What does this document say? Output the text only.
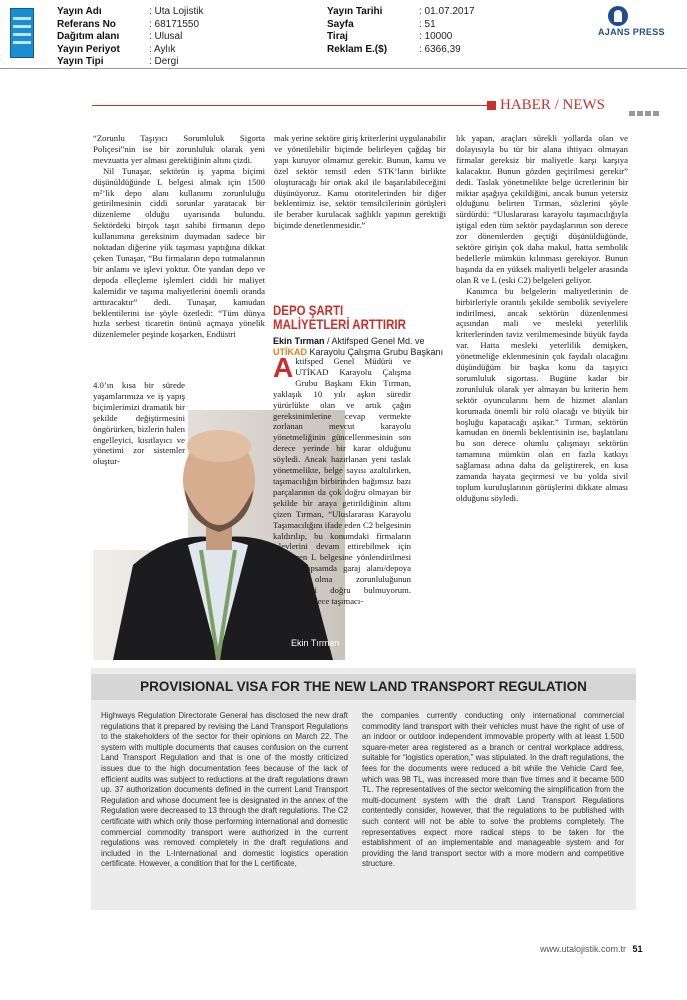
Yayın Adı	: Uta Lojistik
Referans No	: 68171550
Dağıtım alanı	: Ulusal
Yayın Periyot	: Aylık
Yayın Tipi	: Dergi
Yayın Tarihi	: 01.07.2017
Sayfa	: 51
Tiraj	: 10000
Reklam E.($)	: 6366,39
AJANS PRESS
HABER / NEWS

“Zorunlu Taşıyıcı Sorumluluk Sigorta Poliçesi”nin ise bir zorunluluk olarak yeni mevzuatta yer alması gerektiğinin altını çizdi.

Nil Tunaşar, sektörün iş yapma biçimi düşünüldüğünde L belgesi almak için 1500 m²’lik depo alanı kullanımı zorunluluğu getirilmesinin ciddi sorunlar yaratacak bir düzenleme olduğu uyarısında bulundu. Sektördeki birçok taşıt sahibi firmanın depo kullanımına gereksinim duymadan sadece bir noktadan diğerine yük taşıması yaptığına dikkat çeken Tunaşar, “Bu firmaların depo tutmalarının bir anlamı ve işlevi yoktur. Öte yandan depo ve depoda elleçleme işlemleri ciddi bir maliyet kalemidir ve taşıma maliyetlerini önemli oranda arttıracaktır” dedi. Tunaşar, kamudan beklentilerini ise şöyle özetledi: “Tüm dünya hızla serbest ticaretin önünü açmaya yönelik düzenlemeler peşinde koşarken, Endüstri

Ekin Tırman
4.0’ın kısa bir sürede yaşamlarımıza ve iş yapış biçimlerimizi dramatik bir şekilde değiştirmesini öngörürken, bizlerin halen engelleyici, kısıtlayıcı ve yönetimi zor sistemler oluştur-
mak yerine sektöre giriş kriterlerini uygulanabilir ve yönetilebilir biçimde belirleyen çağdaş bir yapı kuruyor olmamız gerekir. Bunun, kamu ve özel sektör temsil eden STK’ların birlikte oluşturacağı bir ortak akıl ile başarılabileceğini düşünüyoruz. Kamu otoritelerinden bir diğer beklentimiz ise, sektör temsilcilerinin görüşleri ile beraber kurulacak sağlıklı yapının gerektiği biçimde denetlenmesidir.”
DEPO ŞARTI
MALİYETLERİ ARTTIRIR
Ekin Tırman / Aktifsped Genel Md. ve UTİKAD Karayolu Çalışma Grubu Başkanı
Aktifsped Genel Müdürü ve UTİKAD Karayolu Çalışma Grubu Başkanı Ekin Tırman, yaklaşık 10 yılı aşkın süredir yürürlükte olan ve artık çağın gereksinimlerine cevap vermekte zorlanan mevcut karayolu yönetmeliğinin güncellenmesinin son derece yerinde bir karar olduğunu söyledi. Ancak hazırlanan yeni taslak yönetmelikte, belge sayısı azaltılırken, taşımacılığın birbirinden bağımsız bazı parçalarının da çok doğru olmayan bir şekilde bir araya getirildiğinin altını çizen Tırman, “Uluslararası Karayolu Taşımacılığını ifade eden C2 belgesinin kaldırılıp, bu konumdaki firmaların işlevlerini devam ettirebilmek için mecburen L belgesine yönlendirilmesi ve bu kapsamda garaj alanı/depoya sahip olma zorunluluğunun getirilmesini doğru bulmuyorum. Sektörde sadece taşımacı-

lık yapan, araçları sürekli yollarda olan ve dolayısıyla bu tür bir alana ihtiyacı olmayan firmalar gereksiz bir maliyetle karşı karşıya kalacaktır. Bunun gözden geçirilmesi gerekir” dedi. Taslak yönetmelikte belge ücretlerinin bir miktar aşağıya çekildiğini, ancak bunun yetersiz olduğunu belirten Tırman, sözlerini şöyle sürdürdü: “Uluslararası karayolu taşımacılığıyla iştigal eden tüm sektör paydaşlarının son derece zor dönemlerden geçtiği düşünüldüğünde, sektöre girişin çok daha makul, hatta sembolik bedellerle mümkün kılınması gerekiyor. Bunun başında da en yüksek maliyetli belgeler arasında olan R ve L (eski C2) belgeleri geliyor.

Kanımca bu belgelerin maliyetlerinin de birbirleriyle orantılı şekilde sembolik seviyelere indirilmesi, ancak sektörün düzenlenmesi açısından mali ve mesleki yeterlilik kriterlerinden taviz verilmemesinde büyük fayda var. Hatta mesleki yeterlilik demişken, yönetmeliğe eklenmesinin çok faydalı olacağını düşündüğüm bir başka konu da taşıyıcı sorumluluk sigortası. Bugüne kadar bir zorunluluk olarak yer almayan bu kriterin hem sektör oyuncularını hem de hizmet alanları korumada önemli bir rolü olacağı ve büyük bir boşluğu kapatacağı aşikar.” Tırman, sektörün kamudan en önemli beklentisinin ise, başlatılanı bu son derece olumlu çalışmayı sektörün tamamına mümkün olan en fazla katkıyı sağlaması adına daha da geliştirerek, en kısa zamanda hayata geçirmesi ve bu yolda sivil toplum kuruluşlarının görüşlerini dikkate alması olduğunu söyledi.

PROVISIONAL VISA FOR THE NEW LAND TRANSPORT REGULATION
Highways Regulation Directorate General has disclosed the new draft regulations that it prepared by revising the Land Transport Regulations to the stakeholders of the sector for their opinions on March 22. The system with multiple documents that causes confusion on the current Land Transport Regulation and that is one of the mostly criticized issues due to the high documentation fees because of the lack of efficient audits was subject to reductions at the draft regulations drawn up. 37 authorization documents defined in the current Land Transport Regulation and whose document fee is designated in the annex of the Regulation were decreased to 13 through the draft regulations. The C2 certificate with which only those performing international and domestic commercial commodity transport were authorized in the current regulations was removed completely in the draft regulations and included in the L-International and domestic logistics operation certificate. However, a condition that for the L certificate,
the companies currently conducting only international commercial commodity land transport with their vehicles must have the right of use of an indoor or outdoor independent immovable property with at least 1.500 square-meter area registered as a branch or central workplace address, suitable for “logistics operation,” was stipulated. In the draft regulations, the fees for the documents were reduced a bit while the Vehicle Card fee, which was 98 TL, was increased more than five times and it became 500 TL. The representatives of the sector welcoming the simplification from the multi-document system with the draft Land Transport Regulations contentedly consider, however, that the regulations to be published with such content will not be able to solve the problems completely. The representatives expect more radical steps to be taken for the establishment of an implementable and manageable system and for providing the land transport sector with a more modern and competitive structure.
www.utalojistik.com.tr 51
